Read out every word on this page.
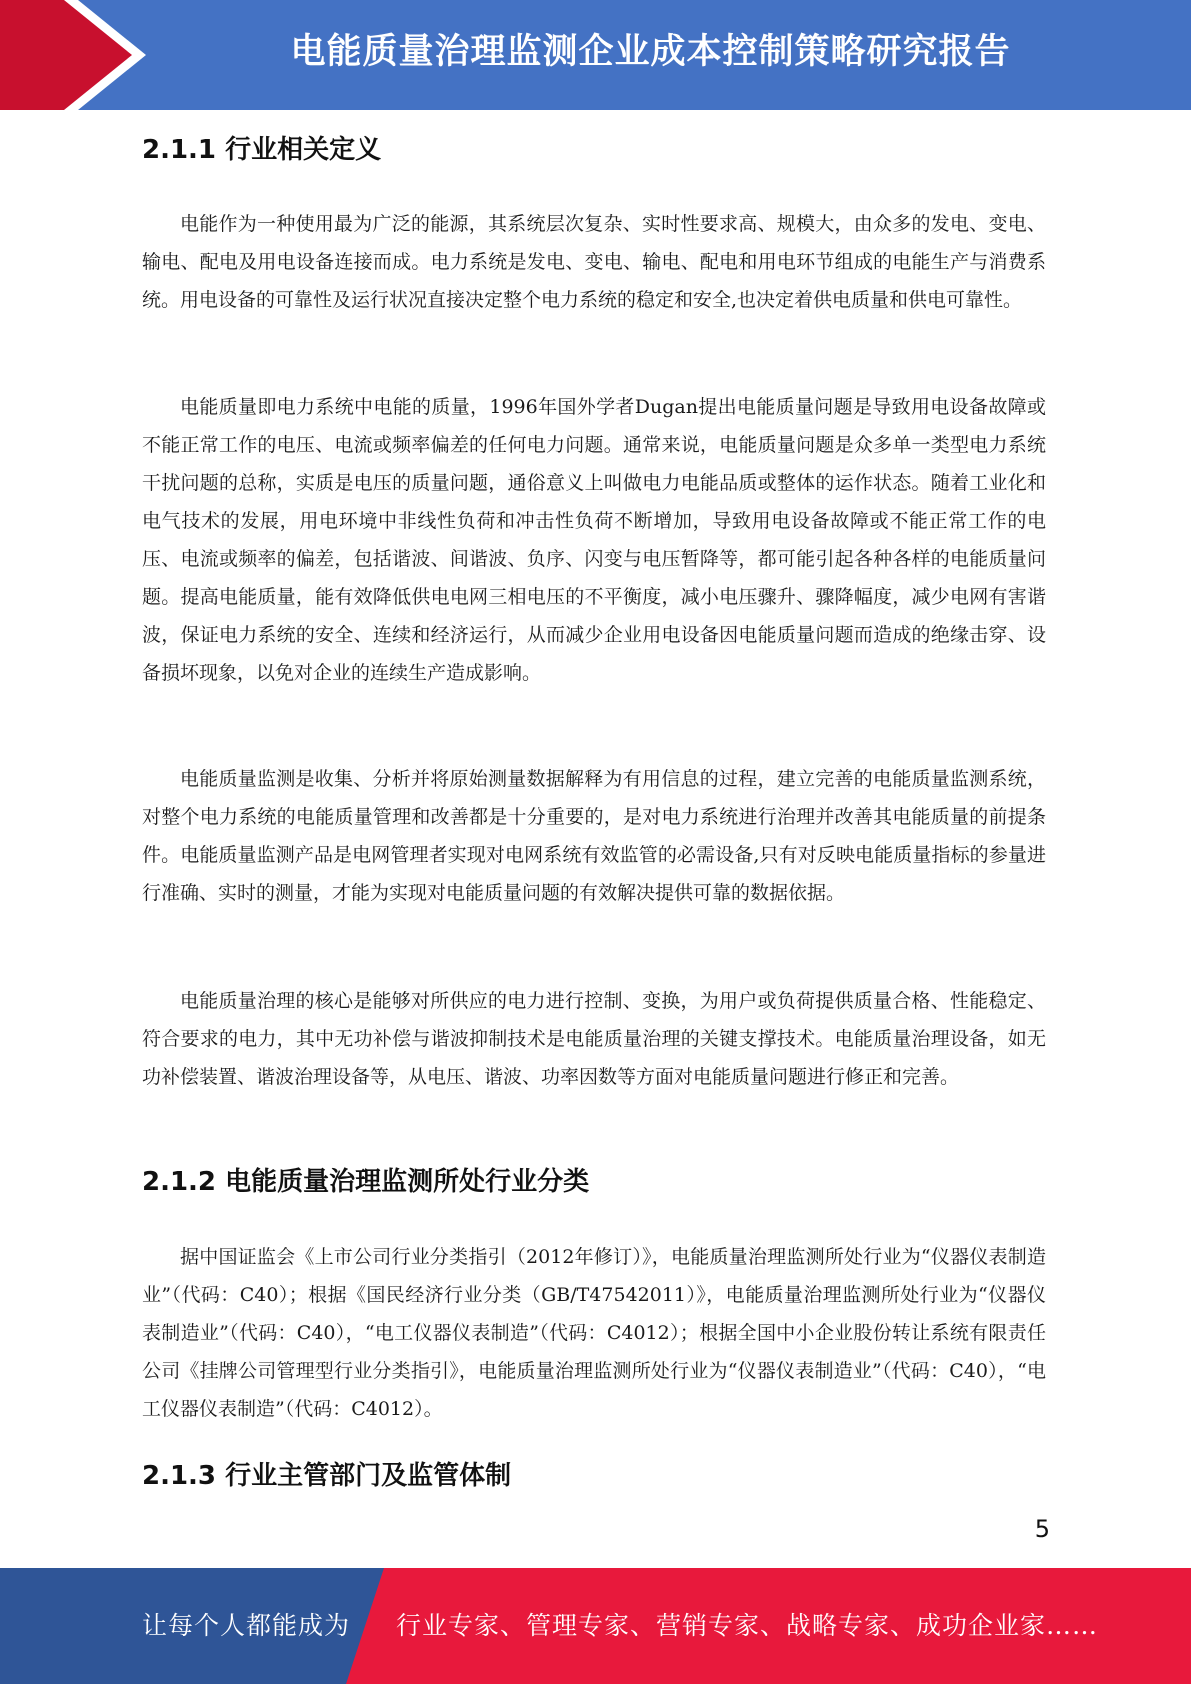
电能质量治理监测企业成本控制策略研究报告
2.1.1 行业相关定义

电能作为一种使用最为广泛的能源，其系统层次复杂、实时性要求高、规模大，由众多的发电、变电、输电、配电及用电设备连接而成。电力系统是发电、变电、输电、配电和用电环节组成的电能生产与消费系统。用电设备的可靠性及运行状况直接决定整个电力系统的稳定和安全,也决定着供电质量和供电可靠性。

电能质量即电力系统中电能的质量，1996年国外学者Dugan提出电能质量问题是导致用电设备故障或不能正常工作的电压、电流或频率偏差的任何电力问题。通常来说，电能质量问题是众多单一类型电力系统干扰问题的总称，实质是电压的质量问题，通俗意义上叫做电力电能品质或整体的运作状态。随着工业化和电气技术的发展，用电环境中非线性负荷和冲击性负荷不断增加，导致用电设备故障或不能正常工作的电压、电流或频率的偏差，包括谐波、间谐波、负序、闪变与电压暂降等，都可能引起各种各样的电能质量问题。提高电能质量，能有效降低供电电网三相电压的不平衡度，减小电压骤升、骤降幅度，减少电网有害谐波，保证电力系统的安全、连续和经济运行，从而减少企业用电设备因电能质量问题而造成的绝缘击穿、设备损坏现象，以免对企业的连续生产造成影响。

电能质量监测是收集、分析并将原始测量数据解释为有用信息的过程，建立完善的电能质量监测系统，对整个电力系统的电能质量管理和改善都是十分重要的，是对电力系统进行治理并改善其电能质量的前提条件。电能质量监测产品是电网管理者实现对电网系统有效监管的必需设备,只有对反映电能质量指标的参量进行准确、实时的测量，才能为实现对电能质量问题的有效解决提供可靠的数据依据。

电能质量治理的核心是能够对所供应的电力进行控制、变换，为用户或负荷提供质量合格、性能稳定、符合要求的电力，其中无功补偿与谐波抑制技术是电能质量治理的关键支撑技术。电能质量治理设备，如无功补偿装置、谐波治理设备等，从电压、谐波、功率因数等方面对电能质量问题进行修正和完善。

2.1.2 电能质量治理监测所处行业分类

据中国证监会《上市公司行业分类指引（2012年修订）》，电能质量治理监测所处行业为“仪器仪表制造业”（代码：C40）；根据《国民经济行业分类（GB/T47542011）》，电能质量治理监测所处行业为“仪器仪表制造业”（代码：C40），“电工仪器仪表制造”（代码：C4012）；根据全国中小企业股份转让系统有限责任公司《挂牌公司管理型行业分类指引》，电能质量治理监测所处行业为“仪器仪表制造业”（代码：C40），“电工仪器仪表制造”（代码：C4012）。

2.1.3 行业主管部门及监管体制
5
让每个人都能成为 行业专家、管理专家、营销专家、战略专家、成功企业家……
